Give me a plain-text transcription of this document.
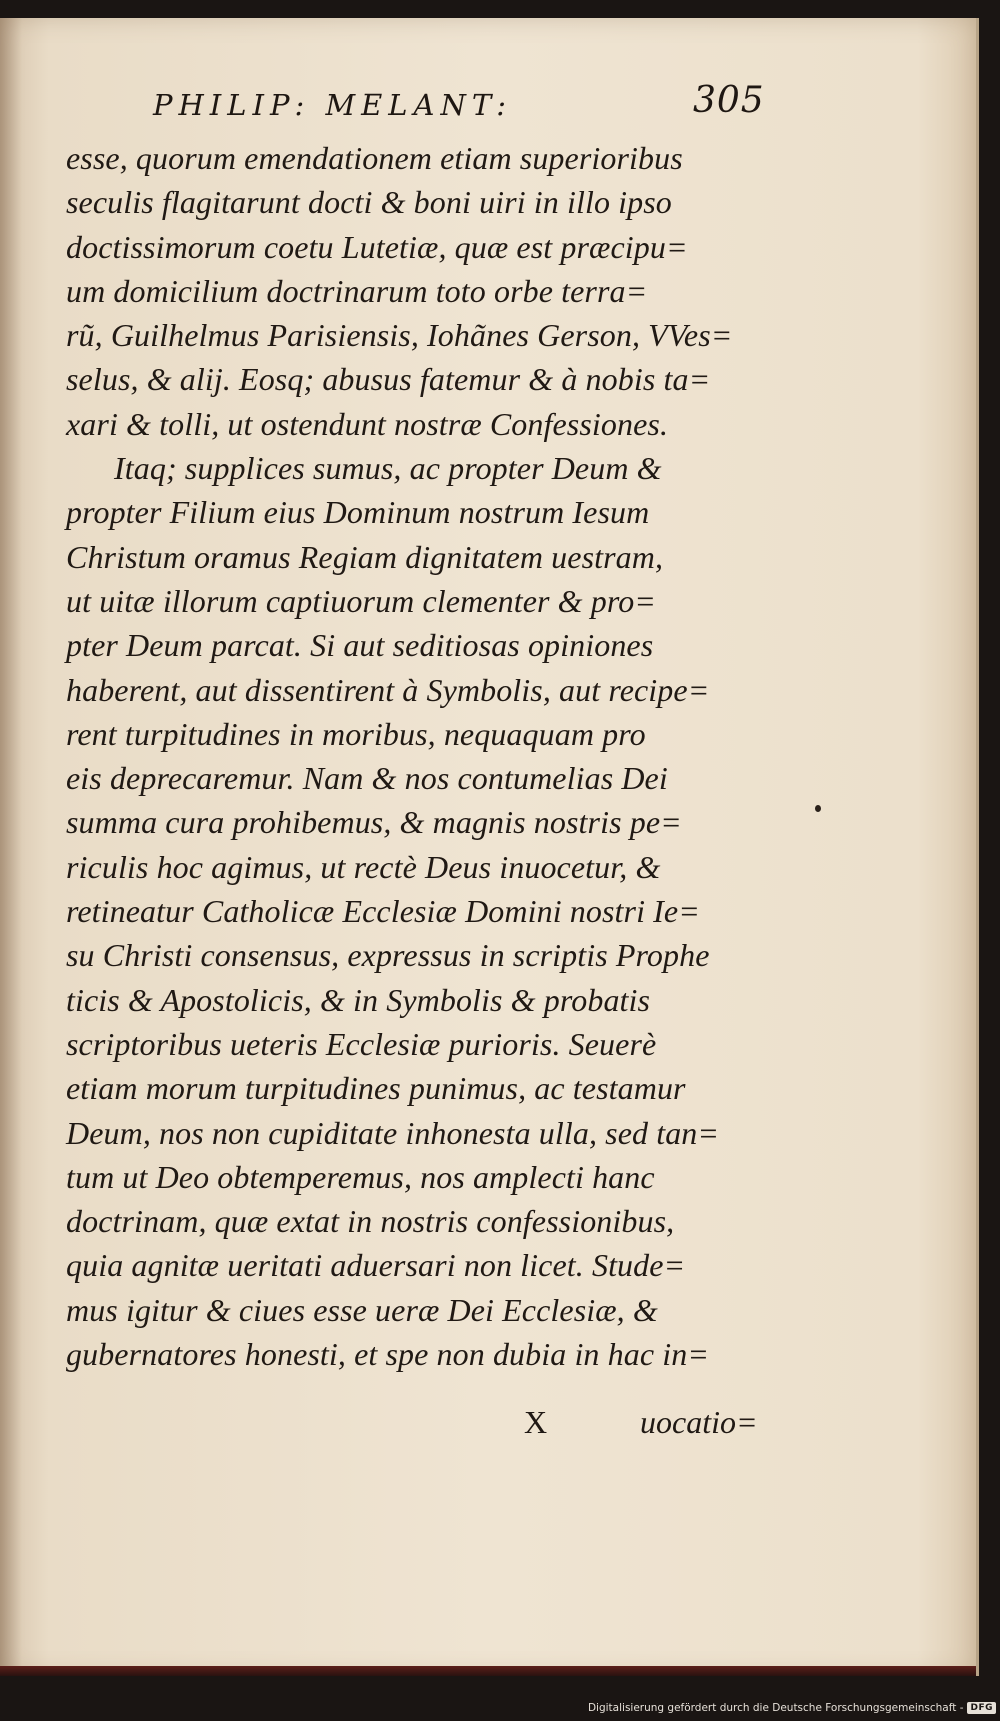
PHILIP: MELANT:	305
esse, quorum emendationem etiam superioribus
seculis flagitarunt docti & boni uiri in illo ipso
doctissimorum coetu Lutetiæ, quæ est præcipu=
um domicilium doctrinarum toto orbe terra=
rũ, Guilhelmus Parisiensis, Iohãnes Gerson, VVes=
selus, & alij. Eosq; abusus fatemur & à nobis ta=
xari & tolli, ut ostendunt nostræ Confessiones.
Itaq; supplices sumus, ac propter Deum &
propter Filium eius Dominum nostrum Iesum
Christum oramus Regiam dignitatem uestram,
ut uitæ illorum captiuorum clementer & pro=
pter Deum parcat. Si aut seditiosas opiniones
haberent, aut dissentirent à Symbolis, aut recipe=
rent turpitudines in moribus, nequaquam pro
eis deprecaremur. Nam & nos contumelias Dei
summa cura prohibemus, & magnis nostris pe=
riculis hoc agimus, ut rectè Deus inuocetur, &
retineatur Catholicæ Ecclesiæ Domini nostri Ie=
su Christi consensus, expressus in scriptis Prophe
ticis & Apostolicis, & in Symbolis & probatis
scriptoribus ueteris Ecclesiæ purioris. Seuerè
etiam morum turpitudines punimus, ac testamur
Deum, nos non cupiditate inhonesta ulla, sed tan=
tum ut Deo obtemperemus, nos amplecti hanc
doctrinam, quæ extat in nostris confessionibus,
quia agnitæ ueritati aduersari non licet. Stude=
mus igitur & ciues esse ueræ Dei Ecclesiæ, &
gubernatores honesti, et spe non dubia in hac in=
X	uocatio=
Digitalisierung gefördert durch die Deutsche Forschungsgemeinschaft - DFG
